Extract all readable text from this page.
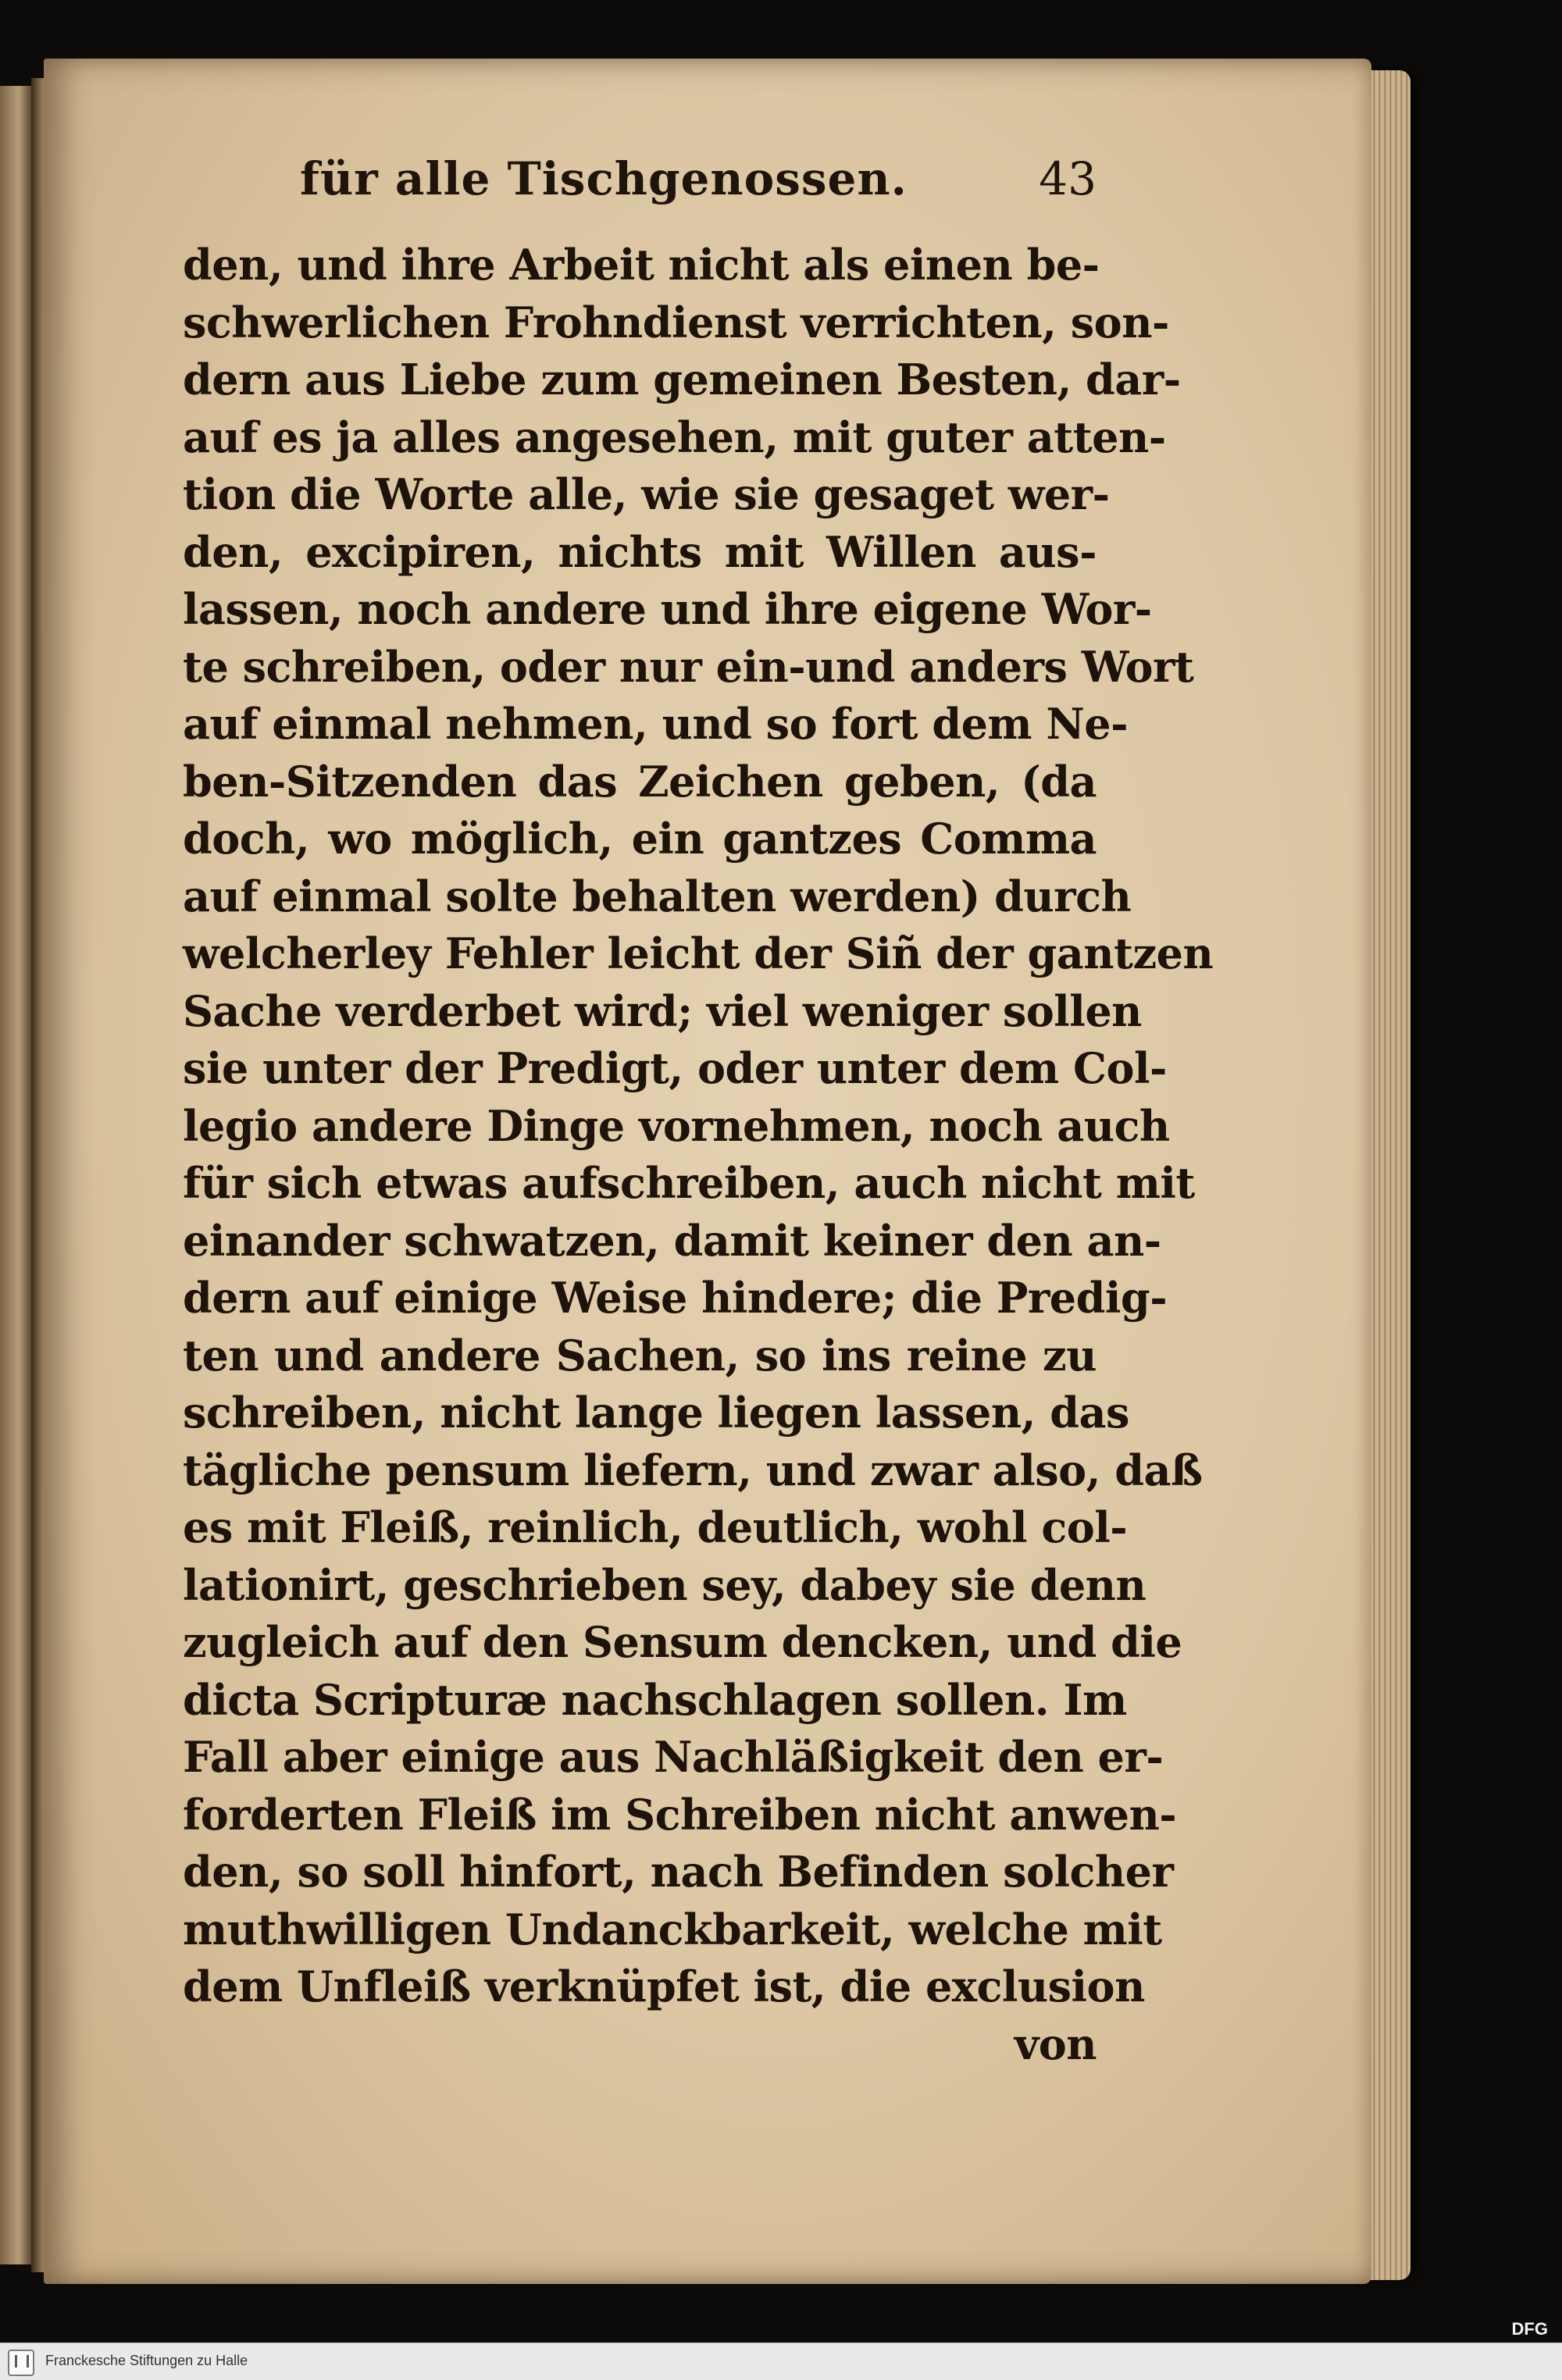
für alle Tischgenossen.	43
den, und ihre Arbeit nicht als einen be-
schwerlichen Frohndienst verrichten, son-
dern aus Liebe zum gemeinen Besten, dar-
auf es ja alles angesehen, mit guter atten-
tion die Worte alle, wie sie gesaget wer-
den, excipiren, nichts mit Willen aus-
lassen, noch andere und ihre eigene Wor-
te schreiben, oder nur ein-und anders Wort
auf einmal nehmen, und so fort dem Ne-
ben-Sitzenden das Zeichen geben, (da
doch, wo möglich, ein gantzes Comma
auf einmal solte behalten werden) durch
welcherley Fehler leicht der Siñ der gantzen
Sache verderbet wird; viel weniger sollen
sie unter der Predigt, oder unter dem Col-
legio andere Dinge vornehmen, noch auch
für sich etwas aufschreiben, auch nicht mit
einander schwatzen, damit keiner den an-
dern auf einige Weise hindere; die Predig-
ten und andere Sachen, so ins reine zu
schreiben, nicht lange liegen lassen, das
tägliche pensum liefern, und zwar also, daß
es mit Fleiß, reinlich, deutlich, wohl col-
lationirt, geschrieben sey, dabey sie denn
zugleich auf den Sensum dencken, und die
dicta Scripturæ nachschlagen sollen. Im
Fall aber einige aus Nachläßigkeit den er-
forderten Fleiß im Schreiben nicht anwen-
den, so soll hinfort, nach Befinden solcher
muthwilligen Undanckbarkeit, welche mit
dem Unfleiß verknüpfet ist, die exclusion
von
DFG
Franckesche Stiftungen zu Halle
